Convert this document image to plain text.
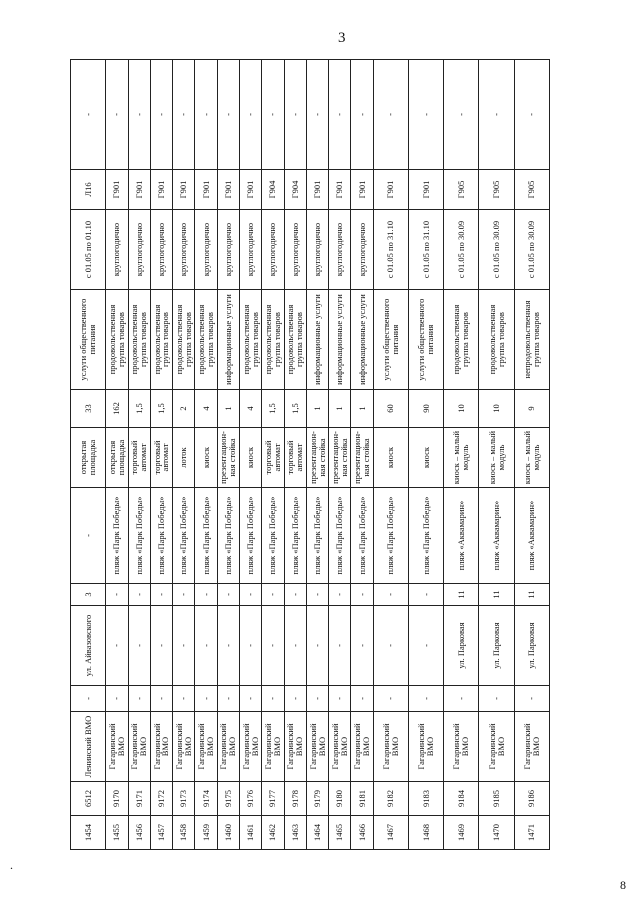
3
1454	6512	Ленинский ВМО	-	ул. Айвазовского	3	-	открытая площадка	33	услуги общественного питания	с 01.05 по 01.10	Л16	-
1455	9170	Гагаринский ВМО	-	-	-	пляж «Парк Победы»	открытая площадка	162	продовольственная группа товаров	круглогодично	Г901	-
1456	9171	Гагаринский ВМО	-	-	-	пляж «Парк Победы»	торговый автомат	1,5	продовольственная группа товаров	круглогодично	Г901	-
1457	9172	Гагаринский ВМО	-	-	-	пляж «Парк Победы»	торговый автомат	1,5	продовольственная группа товаров	круглогодично	Г901	-
1458	9173	Гагаринский ВМО	-	-	-	пляж «Парк Победы»	лоток	2	продовольственная группа товаров	круглогодично	Г901	-
1459	9174	Гагаринский ВМО	-	-	-	пляж «Парк Победы»	киоск	4	продовольственная группа товаров	круглогодично	Г901	-
1460	9175	Гагаринский ВМО	-	-	-	пляж «Парк Победы»	презентацион-ная стойка	1	информационные услуги	круглогодично	Г901	-
1461	9176	Гагаринский ВМО	-	-	-	пляж «Парк Победы»	киоск	4	продовольственная группа товаров	круглогодично	Г901	-
1462	9177	Гагаринский ВМО	-	-	-	пляж «Парк Победы»	торговый автомат	1,5	продовольственная группа товаров	круглогодично	Г904	-
1463	9178	Гагаринский ВМО	-	-	-	пляж «Парк Победы»	торговый автомат	1,5	продовольственная группа товаров	круглогодично	Г904	-
1464	9179	Гагаринский ВМО	-	-	-	пляж «Парк Победы»	презентацион-ная стойка	1	информационные услуги	круглогодично	Г901	-
1465	9180	Гагаринский ВМО	-	-	-	пляж «Парк Победы»	презентацион-ная стойка	1	информационные услуги	круглогодично	Г901	-
1466	9181	Гагаринский ВМО	-	-	-	пляж «Парк Победы»	презентацион-ная стойка	1	информационные услуги	круглогодично	Г901	-
1467	9182	Гагаринский ВМО	-	-	-	пляж «Парк Победы»	киоск	60	услуги общественного питания	с 01.05 по 31.10	Г901	-
1468	9183	Гагаринский ВМО	-	-	-	пляж «Парк Победы»	киоск	90	услуги общественного питания	с 01.05 по 31.10	Г901	-
1469	9184	Гагаринский ВМО	-	ул. Парковая	11	пляж «Аквамарин»	киоск – малый модуль	10	продовольственная группа товаров	с 01.05 по 30.09	Г905	-
1470	9185	Гагаринский ВМО	-	ул. Парковая	11	пляж «Аквамарин»	киоск – малый модуль	10	продовольственная группа товаров	с 01.05 по 30.09	Г905	-
1471	9186	Гагаринский ВМО	-	ул. Парковая	11	пляж «Аквамарин»	киоск – малый модуль	9	непродовольственная группа товаров	с 01.05 по 30.09	Г905	-
.
8
